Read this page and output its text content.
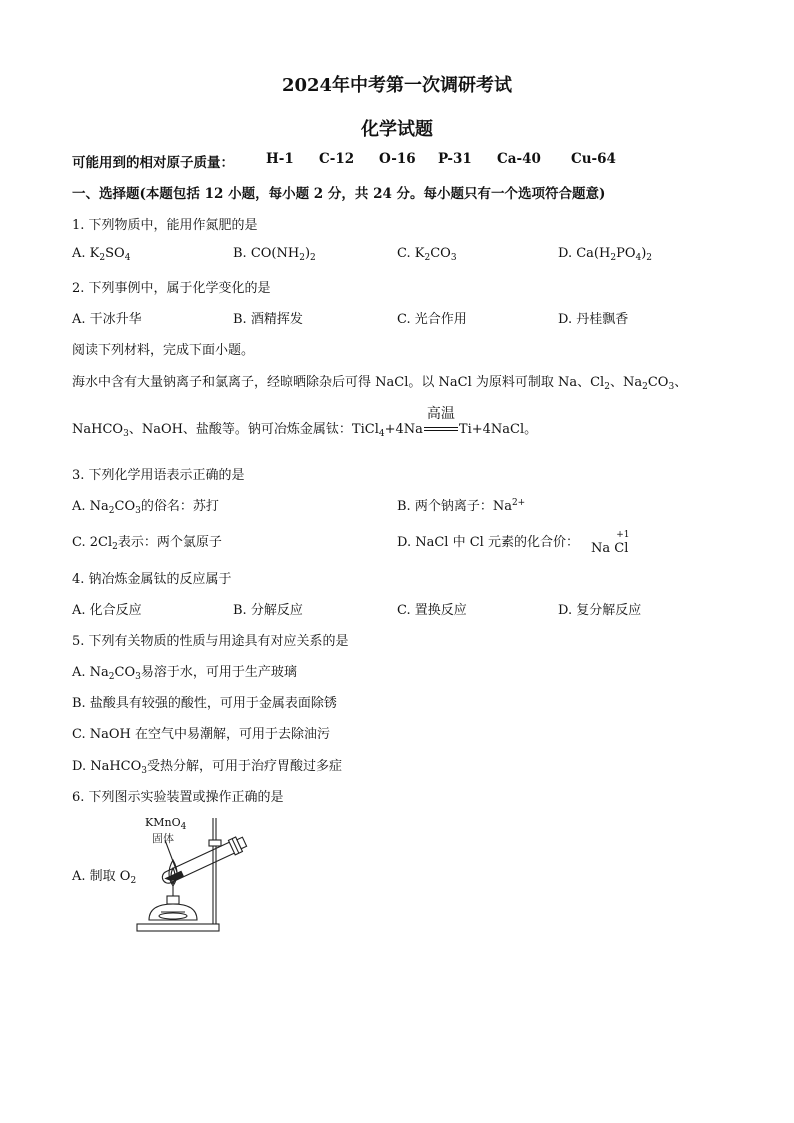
2024年中考第一次调研考试
化学试题
可能用到的相对原子质量： H-1 C-12 O-16 P-31 Ca-40 Cu-64
一、选择题(本题包括 12 小题，每小题 2 分，共 24 分。每小题只有一个选项符合题意)
1. 下列物质中，能用作氮肥的是
A. $K_2SO_4$	B. $CO(NH_2)_2$	C. $K_2CO_3$	D. $Ca(H_2PO_4)_2$
2. 下列事例中，属于化学变化的是
A. 干冰升华	B. 酒精挥发	C. 光合作用	D. 丹桂飘香
阅读下列材料，完成下面小题。
海水中含有大量钠离子和氯离子，经晾晒除杂后可得 NaCl。以 NaCl 为原料可制取 Na、$Cl_2$、$Na_2CO_3$、
NaHCO$_3$、NaOH、盐酸等。钠可冶炼金属钛：TiCl$_4$+4Na
高温
Ti+4NaCl。
3. 下列化学用语表示正确的是
A. $Na_2CO_3$的俗名：苏打	B. 两个钠离子：$Na^{2+}$
C. $2Cl_2$表示：两个氯原子	D. NaCl 中 Cl 元素的化合价： Na
+1
Cl
4. 钠冶炼金属钛的反应属于
A. 化合反应	B. 分解反应	C. 置换反应	D. 复分解反应
5. 下列有关物质的性质与用途具有对应关系的是
A. $Na_2CO_3$易溶于水，可用于生产玻璃
B. 盐酸具有较强的酸性，可用于金属表面除锈
C. NaOH 在空气中易潮解，可用于去除油污
D. NaHCO$_3$受热分解，可用于治疗胃酸过多症
6. 下列图示实验装置或操作正确的是
A. 制取 $O_2$
KMnO$_4$
固体
